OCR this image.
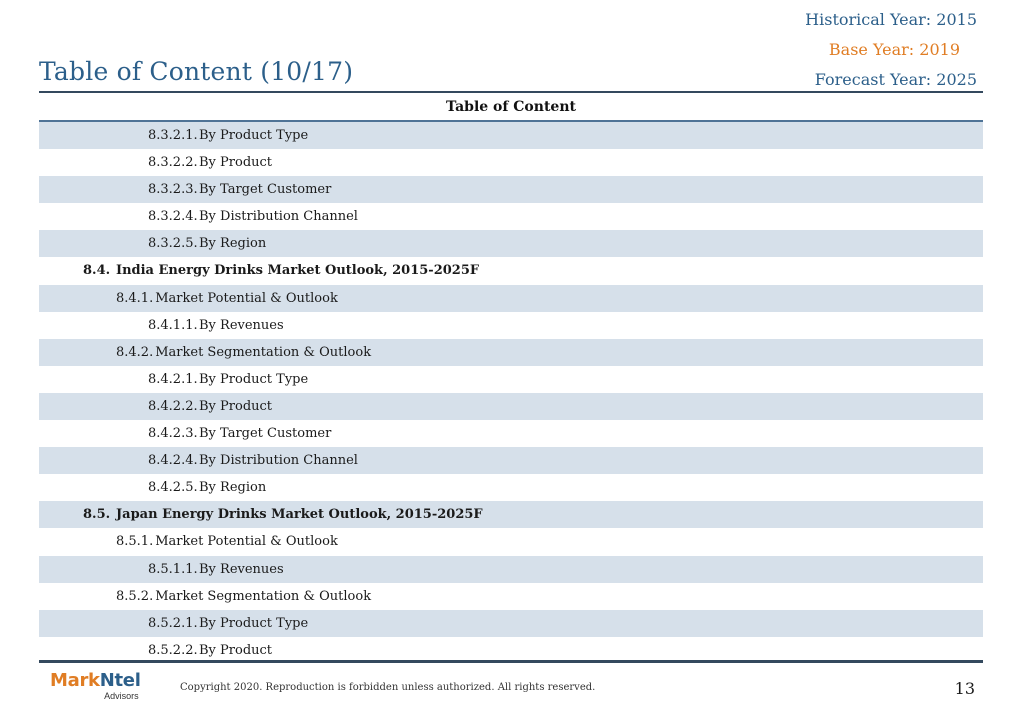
Historical Year: 2015
Base Year: 2019
Forecast Year: 2025
Table of Content (10/17)
Table of Content
8.3.2.1.By Product Type
8.3.2.2.By Product
8.3.2.3.By Target Customer
8.3.2.4.By Distribution Channel
8.3.2.5.By Region
8.4. India Energy Drinks Market Outlook, 2015-2025F
8.4.1. Market Potential & Outlook
8.4.1.1.By Revenues
8.4.2. Market Segmentation & Outlook
8.4.2.1.By Product Type
8.4.2.2.By Product
8.4.2.3.By Target Customer
8.4.2.4.By Distribution Channel
8.4.2.5.By Region
8.5. Japan Energy Drinks Market Outlook, 2015-2025F
8.5.1. Market Potential & Outlook
8.5.1.1.By Revenues
8.5.2. Market Segmentation & Outlook
8.5.2.1.By Product Type
8.5.2.2.By Product
MarkNtel
Advisors
Copyright 2020. Reproduction is forbidden unless authorized. All rights reserved.	13
